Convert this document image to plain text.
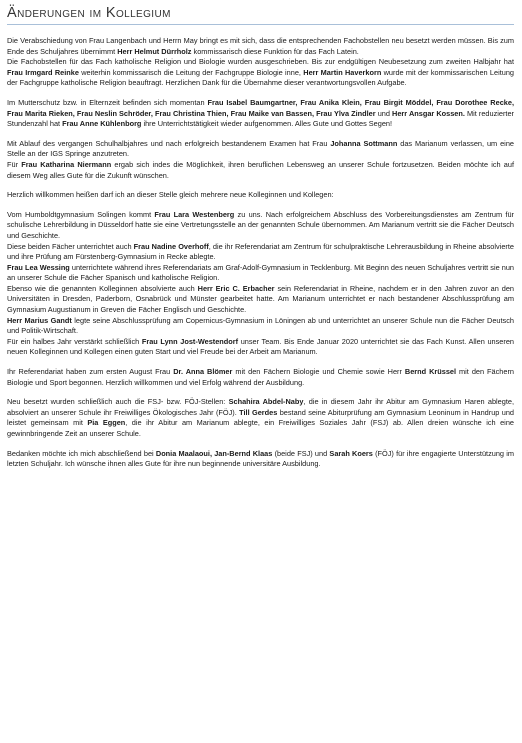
Änderungen im Kollegium

Die Verabschiedung von Frau Langenbach und Herrn May bringt es mit sich, dass die entsprechenden Fachobstellen neu besetzt werden müssen. Bis zum Ende des Schuljahres übernimmt Herr Helmut Dürrholz kommissarisch diese Funktion für das Fach Latein.

Die Fachobstellen für das Fach katholische Religion und Biologie wurden ausgeschrieben. Bis zur endgültigen Neubesetzung zum zweiten Halbjahr hat Frau Irmgard Reinke weiterhin kommissarisch die Leitung der Fachgruppe Biologie inne, Herr Martin Haverkorn wurde mit der kommissarischen Leitung der Fachgruppe katholische Religion beauftragt. Herzlichen Dank für die Übernahme dieser verantwortungsvollen Aufgabe.

Im Mutterschutz bzw. in Elternzeit befinden sich momentan Frau Isabel Baumgartner, Frau Anika Klein, Frau Birgit Möddel, Frau Dorothee Recke, Frau Marita Rieken, Frau Neslin Schröder, Frau Christina Thien, Frau Maike van Bassen, Frau Ylva Zindler und Herr Ansgar Kossen. Mit reduzierter Stundenzahl hat Frau Anne Kühlenborg ihre Unterrichtstätigkeit wieder aufgenommen. Alles Gute und Gottes Segen!

Mit Ablauf des vergangen Schulhalbjahres und nach erfolgreich bestandenem Examen hat Frau Johanna Sottmann das Marianum verlassen, um eine Stelle an der IGS Springe anzutreten.

Für Frau Katharina Niermann ergab sich indes die Möglichkeit, ihren beruflichen Lebensweg an unserer Schule fortzusetzen. Beiden möchte ich auf diesem Weg alles Gute für die Zukunft wünschen.

Herzlich willkommen heißen darf ich an dieser Stelle gleich mehrere neue Kolleginnen und Kollegen:

Vom Humboldtgymnasium Solingen kommt Frau Lara Westenberg zu uns. Nach erfolgreichem Abschluss des Vorbereitungsdienstes am Zentrum für schulische Lehrerbildung in Düsseldorf hatte sie eine Vertretungsstelle an der genannten Schule übernommen. Am Marianum vertritt sie die Fächer Deutsch und Geschichte.

Diese beiden Fächer unterrichtet auch Frau Nadine Overhoff, die ihr Referendariat am Zentrum für schulpraktische Lehrerausbildung in Rheine absolvierte und ihre Prüfung am Fürstenberg-Gymnasium in Recke ablegte.

Frau Lea Wessing unterrichtete während ihres Referendariats am Graf-Adolf-Gymnasium in Tecklenburg. Mit Beginn des neuen Schuljahres vertritt sie nun an unserer Schule die Fächer Spanisch und katholische Religion.

Ebenso wie die genannten Kolleginnen absolvierte auch Herr Eric C. Erbacher sein Referendariat in Rheine, nachdem er in den Jahren zuvor an den Universitäten in Dresden, Paderborn, Osnabrück und Münster gearbeitet hatte. Am Marianum unterrichtet er nach bestandener Abschlussprüfung am Gymnasium Augustianum in Greven die Fächer Englisch und Geschichte.

Herr Marius Gandt legte seine Abschlussprüfung am Copernicus-Gymnasium in Löningen ab und unterrichtet an unserer Schule nun die Fächer Deutsch und Politik-Wirtschaft.

Für ein halbes Jahr verstärkt schließlich Frau Lynn Jost-Westendorf unser Team. Bis Ende Januar 2020 unterrichtet sie das Fach Kunst. Allen unseren neuen Kolleginnen und Kollegen einen guten Start und viel Freude bei der Arbeit am Marianum.

Ihr Referendariat haben zum ersten August Frau Dr. Anna Blömer mit den Fächern Biologie und Chemie sowie Herr Bernd Krüssel mit den Fächern Biologie und Sport begonnen. Herzlich willkommen und viel Erfolg während der Ausbildung.

Neu besetzt wurden schließlich auch die FSJ- bzw. FÖJ-Stellen: Schahira Abdel-Naby, die in diesem Jahr ihr Abitur am Gymnasium Haren ablegte, absolviert an unserer Schule ihr Freiwilliges Ökologisches Jahr (FÖJ). Till Gerdes bestand seine Abiturprüfung am Gymnasium Leoninum in Handrup und leistet gemeinsam mit Pia Eggen, die ihr Abitur am Marianum ablegte, ein Freiwilliges Soziales Jahr (FSJ) ab. Allen dreien wünsche ich eine gewinnbringende Zeit an unserer Schule.

Bedanken möchte ich mich abschließend bei Donia Maalaoui, Jan-Bernd Klaas (beide FSJ) und Sarah Koers (FÖJ) für ihre engagierte Unterstützung im letzten Schuljahr. Ich wünsche ihnen alles Gute für ihre nun beginnende universitäre Ausbildung.
